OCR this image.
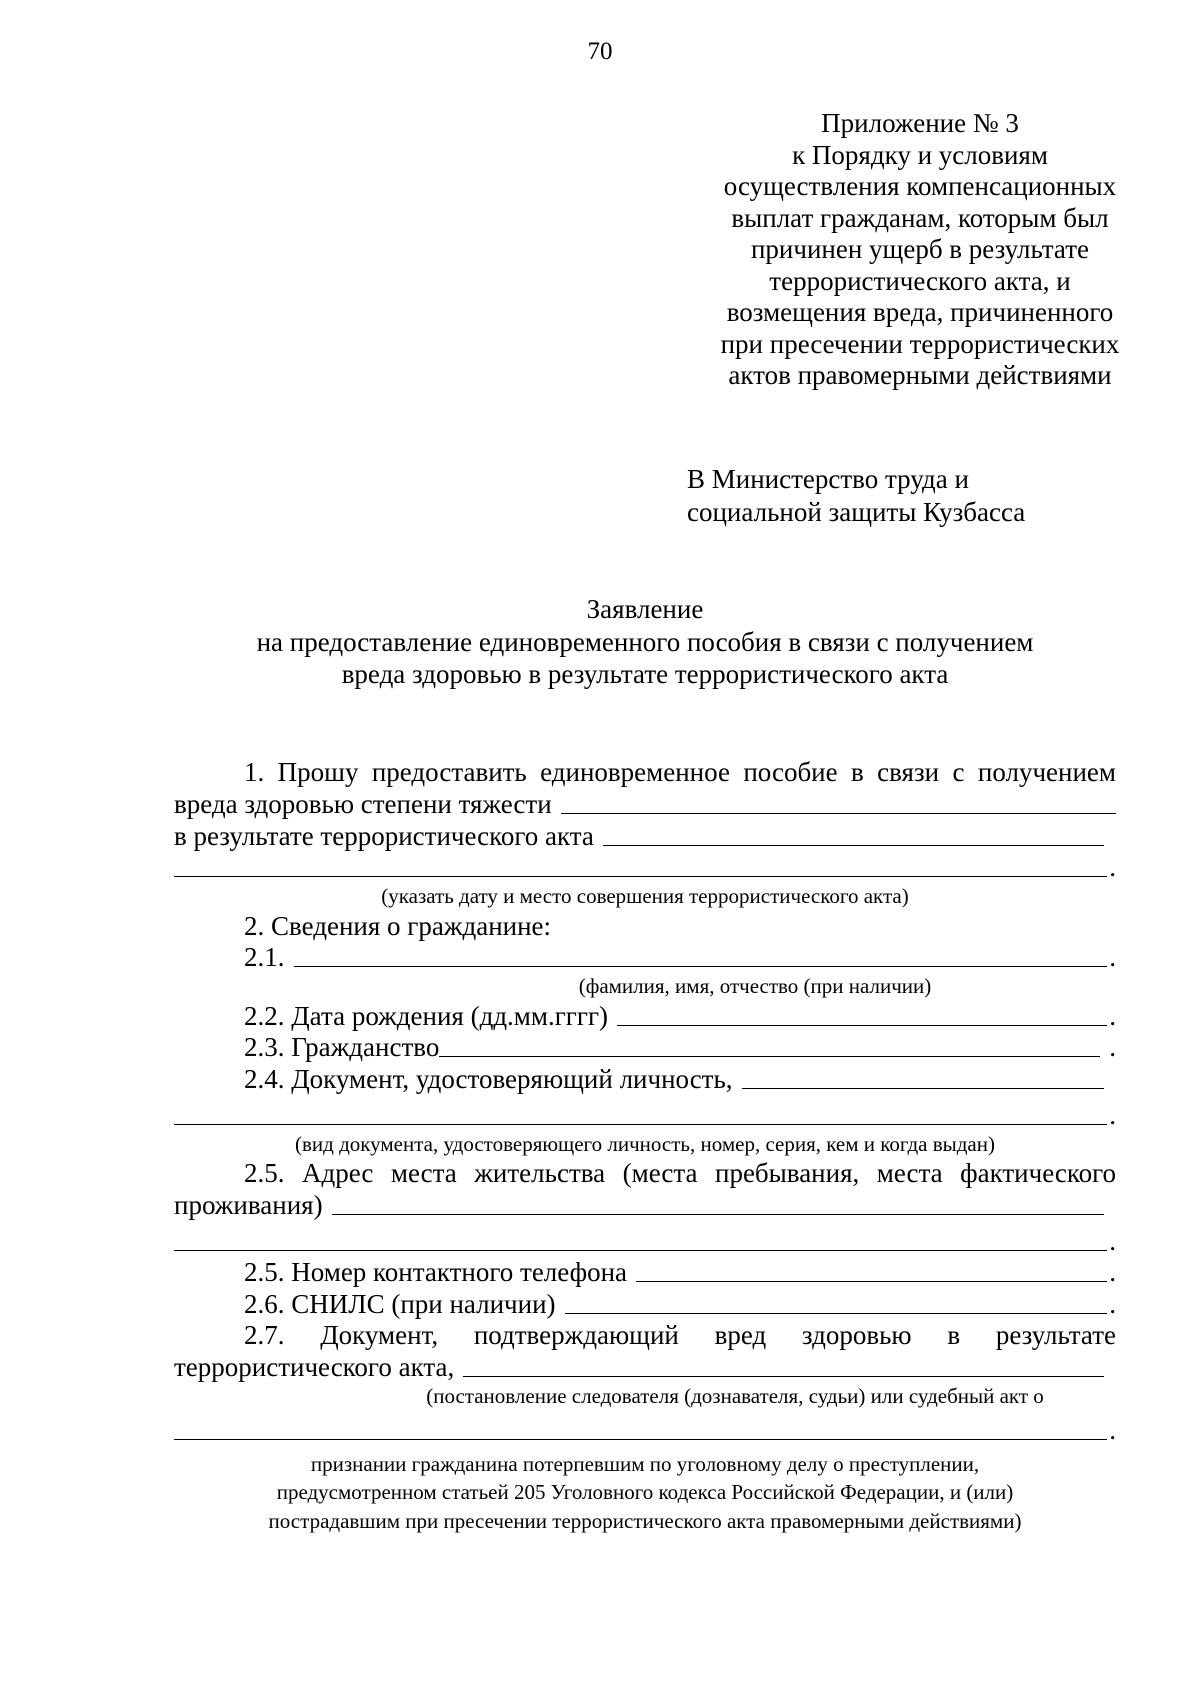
70
Приложение № 3
к Порядку и условиям
осуществления компенсационных
выплат гражданам, которым был
причинен ущерб в результате
террористического акта, и
возмещения вреда, причиненного
при пресечении террористических
актов правомерными действиями
В Министерство труда и
социальной защиты Кузбасса
Заявление
на предоставление единовременного пособия в связи с получением
вреда здоровью в результате террористического акта
1. Прошу предоставить единовременное пособие в связи с получением
вреда здоровью степени тяжести
в результате террористического акта
.
(указать дату и место совершения террористического акта)
2. Сведения о гражданине:
2.1.	.
(фамилия, имя, отчество (при наличии)
2.2. Дата рождения (дд.мм.гггг)	.
2.3. Гражданство	.
2.4. Документ, удостоверяющий личность,
.
(вид документа, удостоверяющего личность, номер, серия, кем и когда выдан)
2.5. Адрес места жительства (места пребывания, места фактического
проживания)
.
2.5. Номер контактного телефона	.
2.6. СНИЛС (при наличии)	.
2.7. Документ, подтверждающий вред здоровью в результате
террористического акта,
(постановление следователя (дознавателя, судьи) или судебный акт о
.
признании гражданина потерпевшим по уголовному делу о преступлении,
предусмотренном статьей 205 Уголовного кодекса Российской Федерации, и (или)
пострадавшим при пресечении террористического акта правомерными действиями)
